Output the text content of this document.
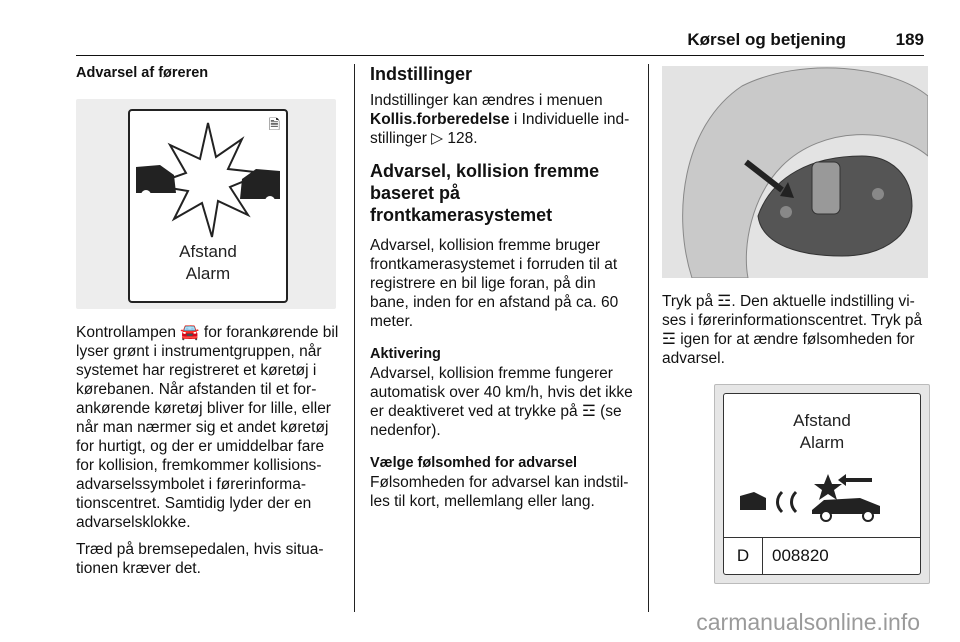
Kørsel og betjening	189
Advarsel af føreren
Afstand
Alarm
🗎

Kontrollampen 🚘 for forankørende bil lyser grønt i instrumentgruppen, når systemet har registreret et køretøj i kørebanen. Når afstanden til et forankørende køretøj bliver for lille, eller når man nærmer sig et andet køretøj for hurtigt, og der er umiddelbar fare for kollision, fremkommer kollisionsadvarselssymbolet i førerinformationscentret. Samtidig lyder der en advarselsklokke.

Træd på bremsepedalen, hvis situationen kræver det.

Indstillinger

Indstillinger kan ændres i menuen Kollis.forberedelse i Individuelle indstillinger ▷ 128.

Advarsel, kollision fremme baseret på frontkamerasystemet

Advarsel, kollision fremme bruger frontkamerasystemet i forruden til at registrere en bil lige foran, på din bane, inden for en afstand på ca. 60 meter.

Aktivering

Advarsel, kollision fremme fungerer automatisk over 40 km/h, hvis det ikke er deaktiveret ved at trykke på ☲ (se nedenfor).

Vælge følsomhed for advarsel

Følsomheden for advarsel kan indstilles til kort, mellemlang eller lang.

Tryk på ☲. Den aktuelle indstilling vises i førerinformationscentret. Tryk på ☲ igen for at ændre følsomheden for advarsel.

Afstand
Alarm
D	008820
carmanualsonline.info
